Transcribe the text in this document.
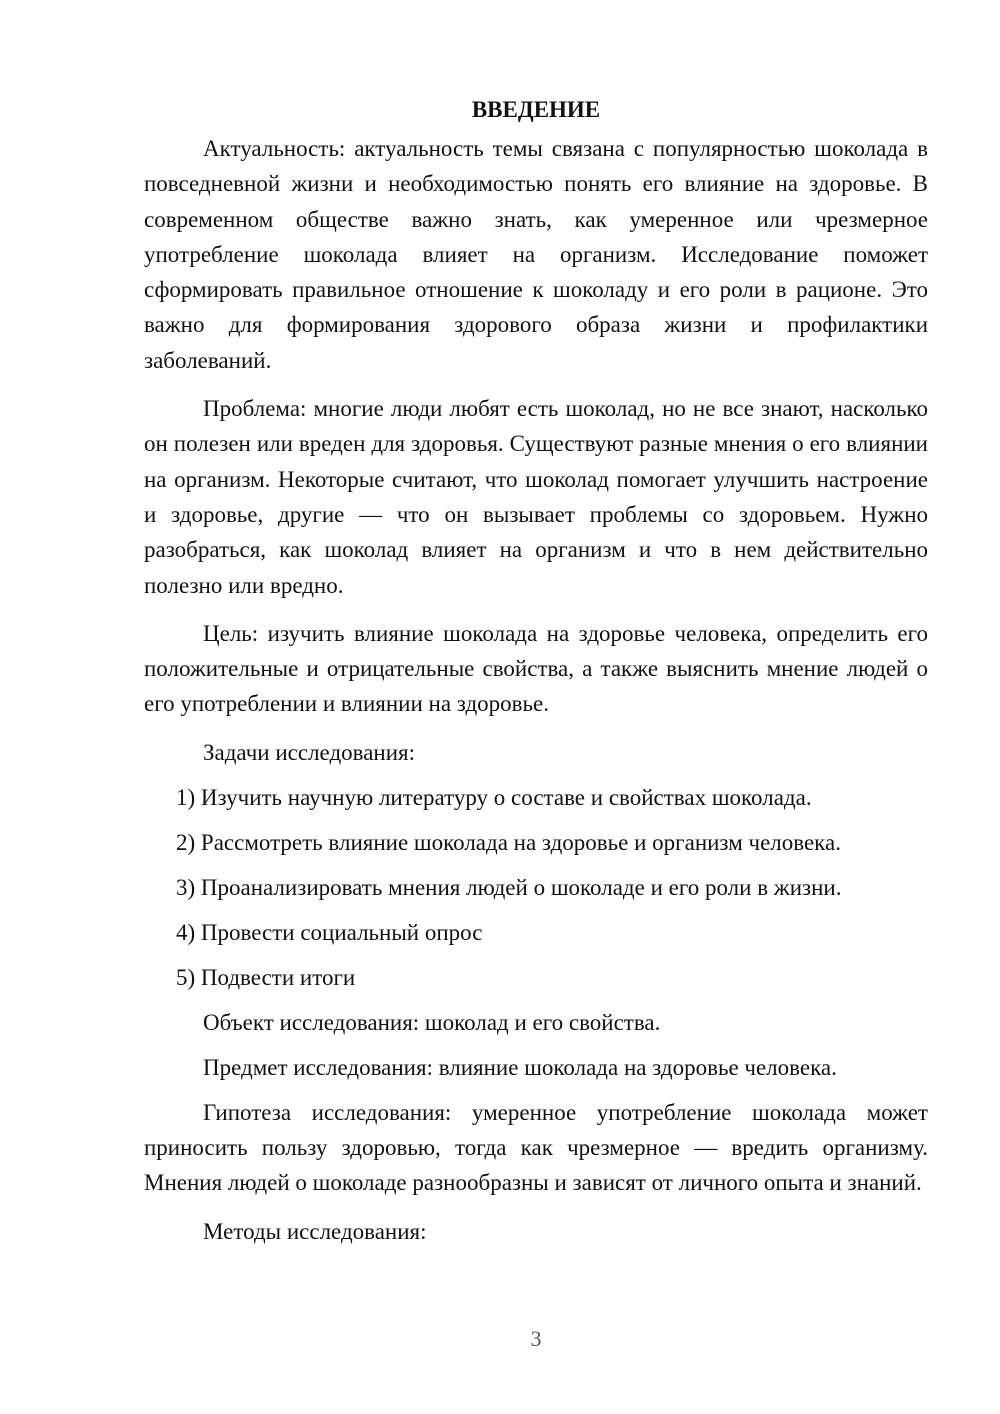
ВВЕДЕНИЕ

Актуальность: актуальность темы связана с популярностью шоколада в повседневной жизни и необходимостью понять его влияние на здоровье. В современном обществе важно знать, как умеренное или чрезмерное употребление шоколада влияет на организм. Исследование поможет сформировать правильное отношение к шоколаду и его роли в рационе. Это важно для формирования здорового образа жизни и профилактики заболеваний.

Проблема: многие люди любят есть шоколад, но не все знают, насколько он полезен или вреден для здоровья. Существуют разные мнения о его влиянии на организм. Некоторые считают, что шоколад помогает улучшить настроение и здоровье, другие — что он вызывает проблемы со здоровьем. Нужно разобраться, как шоколад влияет на организм и что в нем действительно полезно или вредно.

Цель: изучить влияние шоколада на здоровье человека, определить его положительные и отрицательные свойства, а также выяснить мнение людей о его употреблении и влиянии на здоровье.

Задачи исследования:
1) Изучить научную литературу о составе и свойствах шоколада.
2) Рассмотреть влияние шоколада на здоровье и организм человека.
3) Проанализировать мнения людей о шоколаде и его роли в жизни.
4) Провести социальный опрос
5) Подвести итоги
Объект исследования: шоколад и его свойства.
Предмет исследования: влияние шоколада на здоровье человека.

Гипотеза исследования: умеренное употребление шоколада может приносить пользу здоровью, тогда как чрезмерное — вредить организму. Мнения людей о шоколаде разнообразны и зависят от личного опыта и знаний.

Методы исследования:
3
